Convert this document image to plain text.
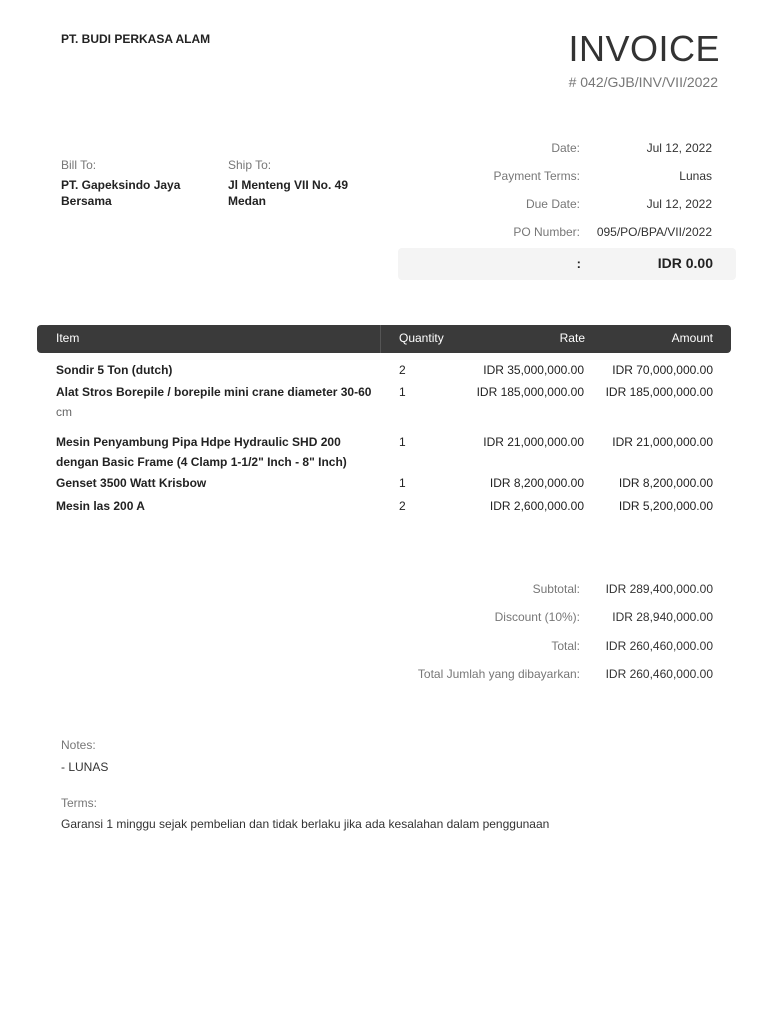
PT. BUDI PERKASA ALAM	INVOICE
# 042/GJB/INV/VII/2022
Bill To:
PT. Gapeksindo Jaya
Bersama
Ship To:
Jl Menteng VII No. 49
Medan
Date:	Jul 12, 2022
Payment Terms:	Lunas
Due Date:	Jul 12, 2022
PO Number: 095/PO/BPA/VII/2022
:	IDR 0.00
Item	Quantity	Rate	Amount
Sondir 5 Ton (dutch)	2	IDR 35,000,000.00 IDR 70,000,000.00
Alat Stros Borepile / borepile mini crane diameter 30-60
cm
1	IDR 185,000,000.00 IDR 185,000,000.00
Mesin Penyambung Pipa Hdpe Hydraulic SHD 200 dengan Basic Frame (4 Clamp 1-1/2" Inch - 8" Inch)
1	IDR 21,000,000.00 IDR 21,000,000.00
Genset 3500 Watt Krisbow	1	IDR 8,200,000.00	IDR 8,200,000.00
Mesin las 200 A	2	IDR 2,600,000.00	IDR 5,200,000.00
Subtotal: IDR 289,400,000.00
Discount (10%):	IDR 28,940,000.00
Total: IDR 260,460,000.00
Total Jumlah yang dibayarkan: IDR 260,460,000.00
Notes:
- LUNAS
Terms:
Garansi 1 minggu sejak pembelian dan tidak berlaku jika ada kesalahan dalam penggunaan
